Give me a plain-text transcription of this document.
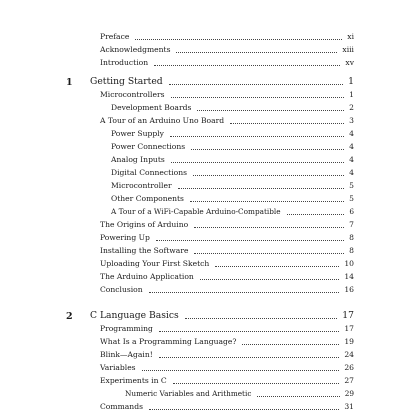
Preface	xi
Acknowledgments	xiii
Introduction	xv
1	Getting Started	1
Microcontrollers	1
Development Boards	2
A Tour of an Arduino Uno Board	3
Power Supply	4
Power Connections	4
Analog Inputs	4
Digital Connections	4
Microcontroller	5
Other Components	5
A Tour of a WiFi-Capable Arduino-Compatible	6
The Origins of Arduino	7
Powering Up	8
Installing the Software	8
Uploading Your First Sketch	10
The Arduino Application	14
Conclusion	16
2	C Language Basics	17
Programming	17
What Is a Programming Language?	19
Blink—Again!	24
Variables	26
Experiments in C	27
Numeric Variables and Arithmetic	29
Commands	31
